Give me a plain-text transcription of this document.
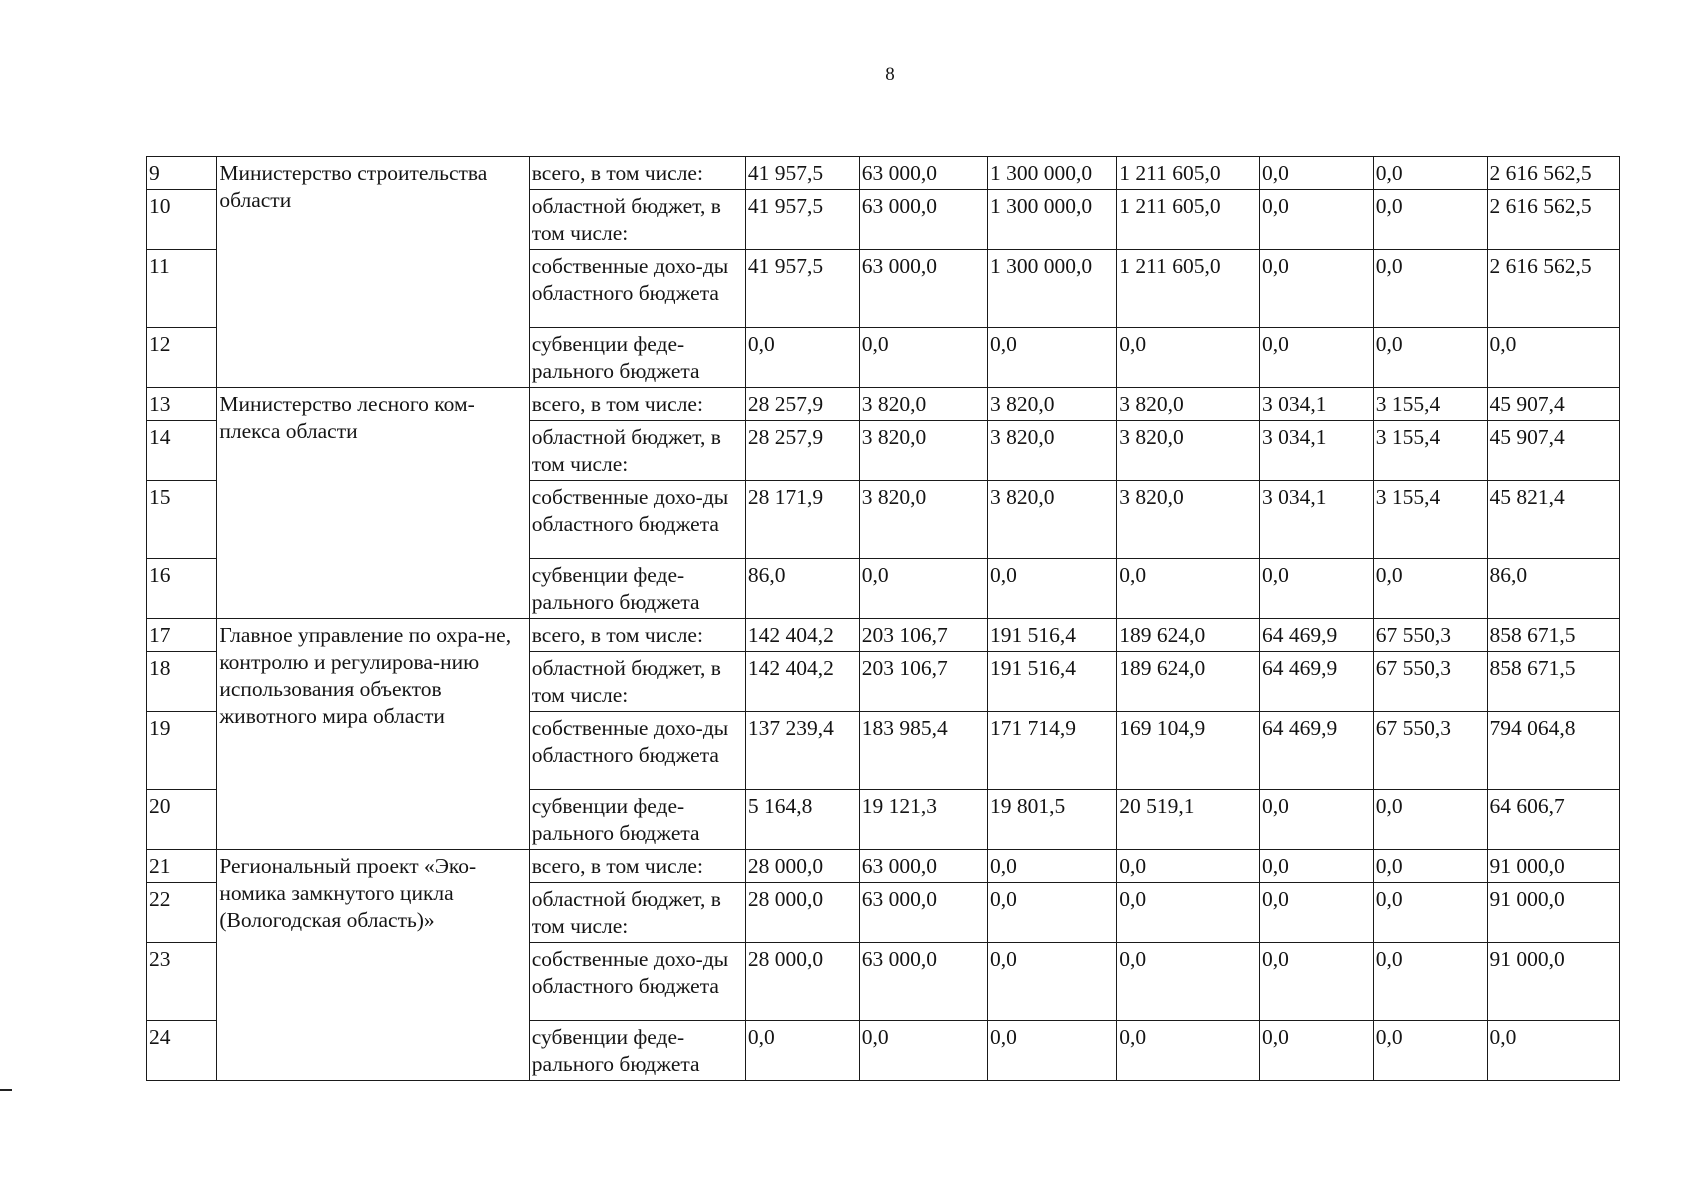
8
9	Министерство строительства области	всего, в том числе:	41 957,5	63 000,0	1 300 000,0	1 211 605,0	0,0	0,0	2 616 562,5
10		областной бюджет, в том числе:	41 957,5	63 000,0	1 300 000,0	1 211 605,0	0,0	0,0	2 616 562,5
11		собственные дохо-ды областного бюджета	41 957,5	63 000,0	1 300 000,0	1 211 605,0	0,0	0,0	2 616 562,5
12		субвенции феде-рального бюджета	0,0	0,0	0,0	0,0	0,0	0,0	0,0
13	Министерство лесного ком-плекса области	всего, в том числе:	28 257,9	3 820,0	3 820,0	3 820,0	3 034,1	3 155,4	45 907,4
14		областной бюджет, в том числе:	28 257,9	3 820,0	3 820,0	3 820,0	3 034,1	3 155,4	45 907,4
15		собственные дохо-ды областного бюджета	28 171,9	3 820,0	3 820,0	3 820,0	3 034,1	3 155,4	45 821,4
16		субвенции феде-рального бюджета	86,0	0,0	0,0	0,0	0,0	0,0	86,0
17	Главное управление по охра-не, контролю и регулирова-нию использования объектов животного мира области	всего, в том числе:	142 404,2	203 106,7	191 516,4	189 624,0	64 469,9	67 550,3	858 671,5
18		областной бюджет, в том числе:	142 404,2	203 106,7	191 516,4	189 624,0	64 469,9	67 550,3	858 671,5
19		собственные дохо-ды областного бюджета	137 239,4	183 985,4	171 714,9	169 104,9	64 469,9	67 550,3	794 064,8
20		субвенции феде-рального бюджета	5 164,8	19 121,3	19 801,5	20 519,1	0,0	0,0	64 606,7
21	Региональный проект «Эко-номика замкнутого цикла (Вологодская область)»	всего, в том числе:	28 000,0	63 000,0	0,0	0,0	0,0	0,0	91 000,0
22		областной бюджет, в том числе:	28 000,0	63 000,0	0,0	0,0	0,0	0,0	91 000,0
23		собственные дохо-ды областного бюджета	28 000,0	63 000,0	0,0	0,0	0,0	0,0	91 000,0
24		субвенции феде-рального бюджета	0,0	0,0	0,0	0,0	0,0	0,0	0,0
